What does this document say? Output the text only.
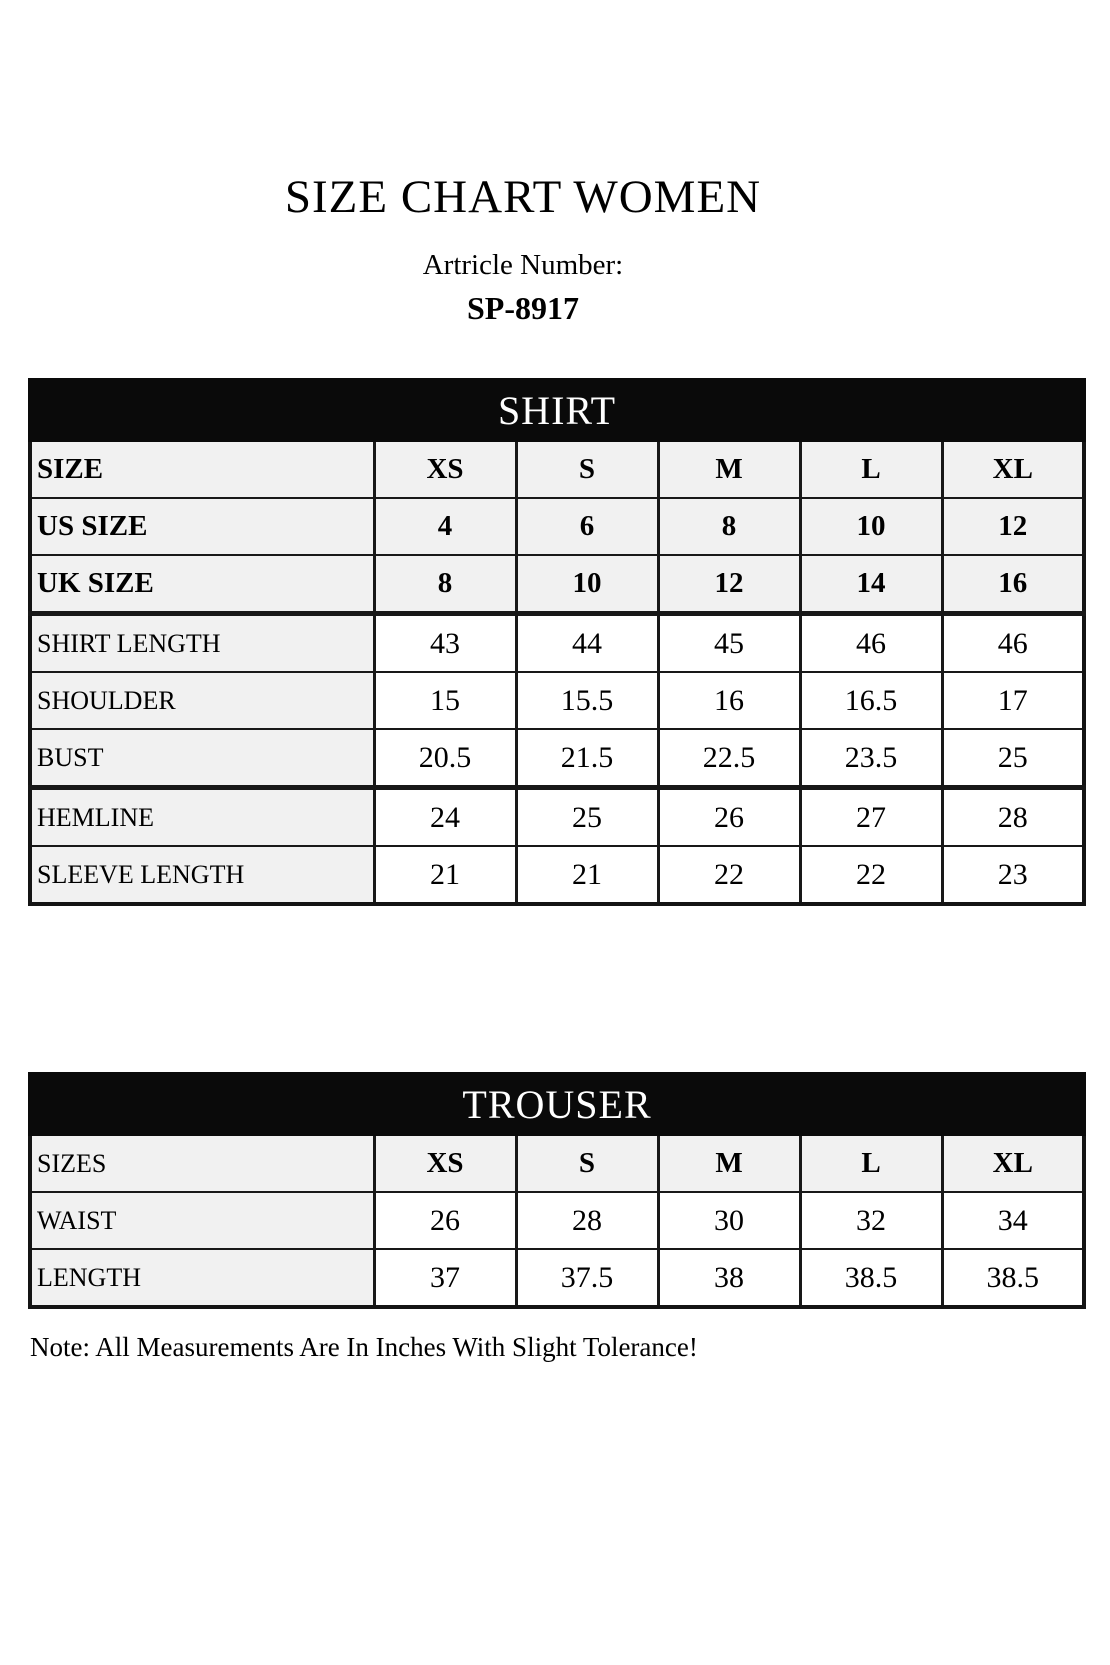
SIZE CHART WOMEN
Artricle Number:
SP-8917
SHIRT					
SIZE	XS	S	M	L	XL
US SIZE	4	6	8	10	12
UK SIZE	8	10	12	14	16
SHIRT LENGTH	43	44	45	46	46
SHOULDER	15	15.5	16	16.5	17
BUST	20.5	21.5	22.5	23.5	25
HEMLINE	24	25	26	27	28
SLEEVE LENGTH	21	21	22	22	23
TROUSER					
SIZES	XS	S	M	L	XL
WAIST	26	28	30	32	34
LENGTH	37	37.5	38	38.5	38.5
Note: All Measurements Are In Inches With Slight Tolerance!
